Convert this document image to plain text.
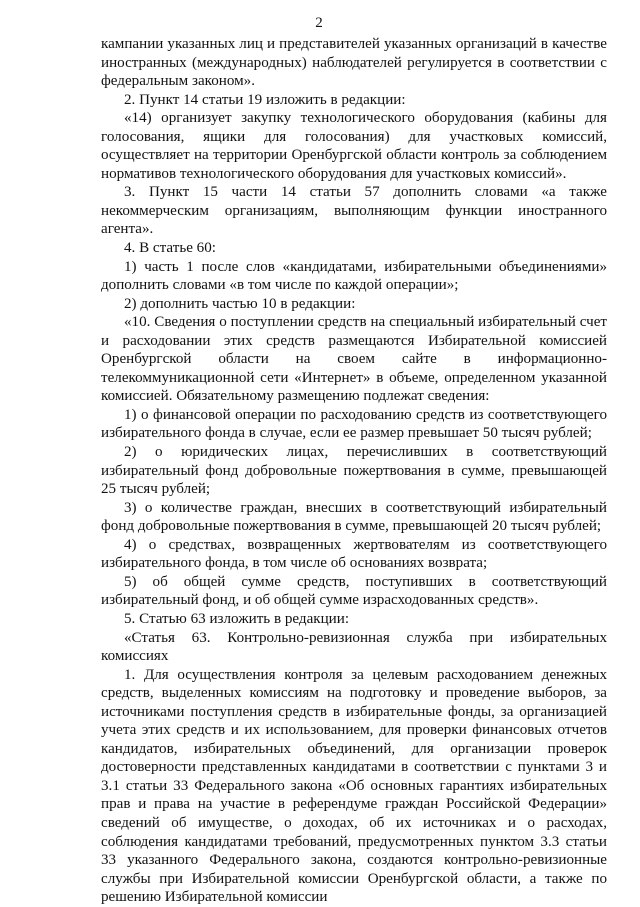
2

кампании указанных лиц и представителей указанных организаций в качестве иностранных (международных) наблюдателей регулируется в соответствии с федеральным законом».

2. Пункт 14 статьи 19 изложить в редакции:

«14) организует закупку технологического оборудования (кабины для голосования, ящики для голосования) для участковых комиссий, осуществляет на территории Оренбургской области контроль за соблюдением нормативов технологического оборудования для участковых комиссий».

3. Пункт 15 части 14 статьи 57 дополнить словами «а также некоммерческим организациям, выполняющим функции иностранного агента».

4. В статье 60:

1) часть 1 после слов «кандидатами, избирательными объединениями» дополнить словами «в том числе по каждой операции»;

2) дополнить частью 10 в редакции:

«10. Сведения о поступлении средств на специальный избирательный счет и расходовании этих средств размещаются Избирательной комиссией Оренбургской области на своем сайте в информационно-телекоммуникационной сети «Интернет» в объеме, определенном указанной комиссией. Обязательному размещению подлежат сведения:

1) о финансовой операции по расходованию средств из соответствующего избирательного фонда в случае, если ее размер превышает 50 тысяч рублей;

2) о юридических лицах, перечисливших в соответствующий избирательный фонд добровольные пожертвования в сумме, превышающей 25 тысяч рублей;

3) о количестве граждан, внесших в соответствующий избирательный фонд добровольные пожертвования в сумме, превышающей 20 тысяч рублей;

4) о средствах, возвращенных жертвователям из соответствующего избирательного фонда, в том числе об основаниях возврата;

5) об общей сумме средств, поступивших в соответствующий избирательный фонд, и об общей сумме израсходованных средств».

5. Статью 63 изложить в редакции:

«Статья 63. Контрольно-ревизионная служба при избирательных комиссиях

1. Для осуществления контроля за целевым расходованием денежных средств, выделенных комиссиям на подготовку и проведение выборов, за источниками поступления средств в избирательные фонды, за организацией учета этих средств и их использованием, для проверки финансовых отчетов кандидатов, избирательных объединений, для организации проверок достоверности представленных кандидатами в соответствии с пунктами 3 и 3.1 статьи 33 Федерального закона «Об основных гарантиях избирательных прав и права на участие в референдуме граждан Российской Федерации» сведений об имуществе, о доходах, об их источниках и о расходах, соблюдения кандидатами требований, предусмотренных пунктом 3.3 статьи 33 указанного Федерального закона, создаются контрольно-ревизионные службы при Избирательной комиссии Оренбургской области, а также по решению Избирательной комиссии
